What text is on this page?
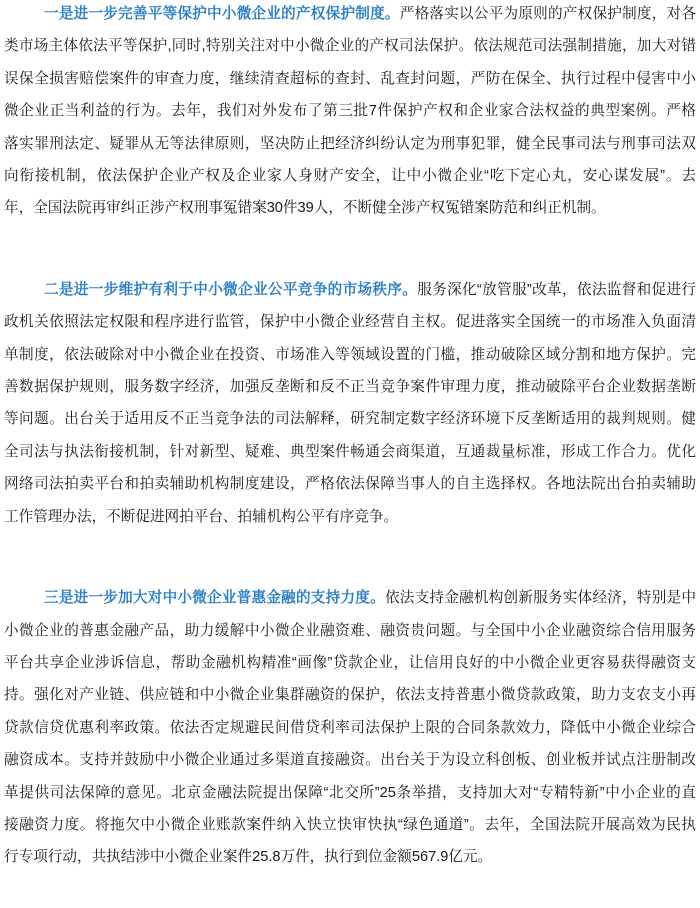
一是进一步完善平等保护中小微企业的产权保护制度。严格落实以公平为原则的产权保护制度，对各
类市场主体依法平等保护,同时,特别关注对中小微企业的产权司法保护。依法规范司法强制措施，加大对错
误保全损害赔偿案件的审查力度，继续清查超标的查封、乱查封问题，严防在保全、执行过程中侵害中小
微企业正当利益的行为。去年，我们对外发布了第三批7件保护产权和企业家合法权益的典型案例。严格
落实罪刑法定、疑罪从无等法律原则，坚决防止把经济纠纷认定为刑事犯罪，健全民事司法与刑事司法双
向衔接机制，依法保护企业产权及企业家人身财产安全，让中小微企业“吃下定心丸，安心谋发展”。去
年，全国法院再审纠正涉产权刑事冤错案30件39人，不断健全涉产权冤错案防范和纠正机制。
二是进一步维护有利于中小微企业公平竞争的市场秩序。服务深化“放管服”改革，依法监督和促进行
政机关依照法定权限和程序进行监管，保护中小微企业经营自主权。促进落实全国统一的市场准入负面清
单制度，依法破除对中小微企业在投资、市场准入等领域设置的门槛，推动破除区域分割和地方保护。完
善数据保护规则，服务数字经济，加强反垄断和反不正当竞争案件审理力度，推动破除平台企业数据垄断
等问题。出台关于适用反不正当竞争法的司法解释，研究制定数字经济环境下反垄断适用的裁判规则。健
全司法与执法衔接机制，针对新型、疑难、典型案件畅通会商渠道，互通裁量标准，形成工作合力。优化
网络司法拍卖平台和拍卖辅助机构制度建设，严格依法保障当事人的自主选择权。各地法院出台拍卖辅助
工作管理办法，不断促进网拍平台、拍辅机构公平有序竞争。
三是进一步加大对中小微企业普惠金融的支持力度。依法支持金融机构创新服务实体经济，特别是中
小微企业的普惠金融产品，助力缓解中小微企业融资难、融资贵问题。与全国中小企业融资综合信用服务
平台共享企业涉诉信息，帮助金融机构精准“画像”贷款企业，让信用良好的中小微企业更容易获得融资支
持。强化对产业链、供应链和中小微企业集群融资的保护，依法支持普惠小微贷款政策，助力支农支小再
贷款信贷优惠利率政策。依法否定规避民间借贷利率司法保护上限的合同条款效力，降低中小微企业综合
融资成本。支持并鼓励中小微企业通过多渠道直接融资。出台关于为设立科创板、创业板并试点注册制改
革提供司法保障的意见。北京金融法院提出保障“北交所”25条举措，支持加大对“专精特新”中小企业的直
接融资力度。将拖欠中小微企业账款案件纳入快立快审快执“绿色通道”。去年，全国法院开展高效为民执
行专项行动，共执结涉中小微企业案件25.8万件，执行到位金额567.9亿元。
